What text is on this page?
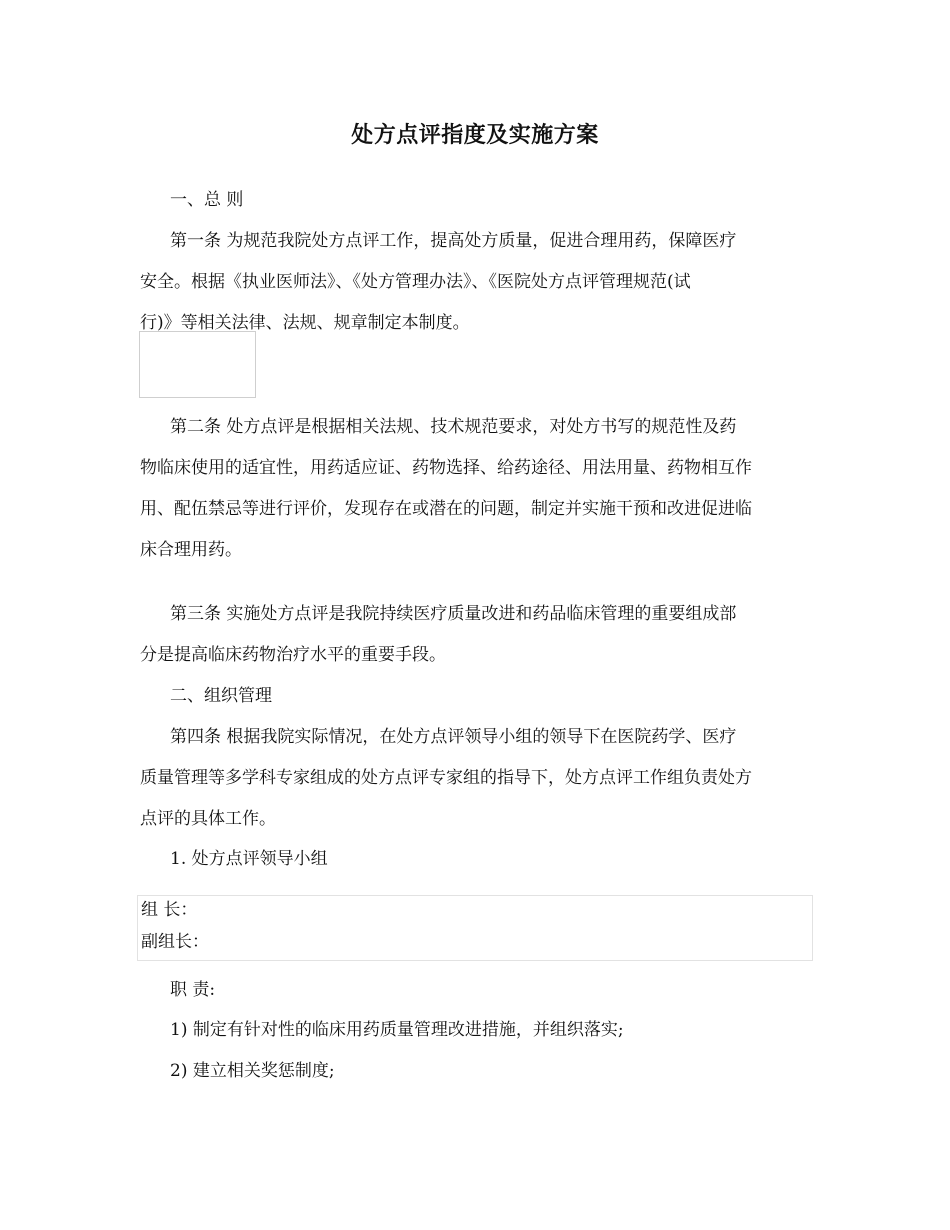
处方点评指度及实施方案
一、总 则
第一条 为规范我院处方点评工作，提高处方质量，促进合理用药，保障医疗
安全。根据《执业医师法》、《处方管理办法》、《医院处方点评管理规范(试
行)》等相关法律、法规、规章制定本制度。
第二条 处方点评是根据相关法规、技术规范要求，对处方书写的规范性及药
物临床使用的适宜性，用药适应证、药物选择、给药途径、用法用量、药物相互作
用、配伍禁忌等进行评价，发现存在或潜在的问题，制定并实施干预和改进促进临
床合理用药。
第三条 实施处方点评是我院持续医疗质量改进和药品临床管理的重要组成部
分是提高临床药物治疗水平的重要手段。
二、组织管理
第四条 根据我院实际情况，在处方点评领导小组的领导下在医院药学、医疗
质量管理等多学科专家组成的处方点评专家组的指导下，处方点评工作组负责处方
点评的具体工作。
1. 处方点评领导小组
组 长：
副组长：
职 责:
1) 制定有针对性的临床用药质量管理改进措施，并组织落实;
2) 建立相关奖惩制度;
